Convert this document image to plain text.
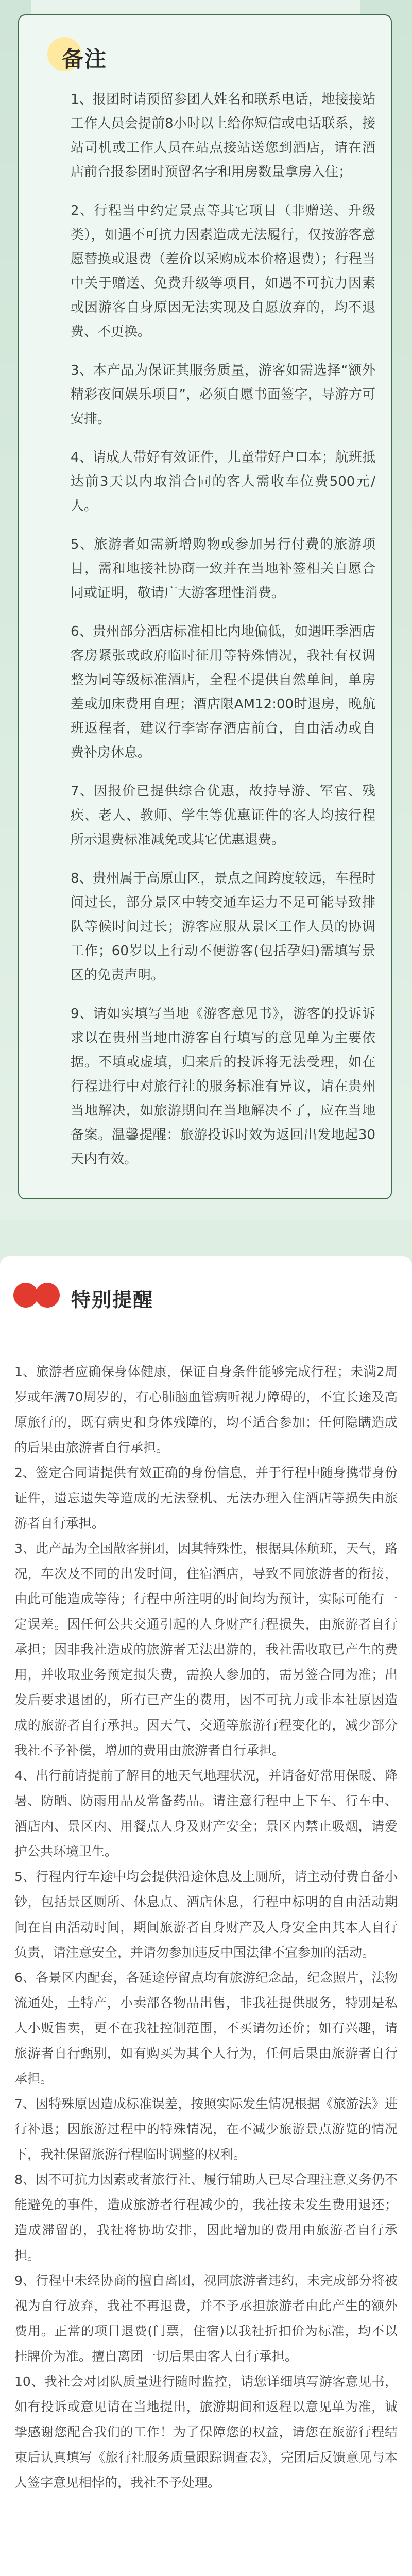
备注

1、报团时请预留参团人姓名和联系电话，地接接站工作人员会提前8小时以上给你短信或电话联系，接站司机或工作人员在站点接站送您到酒店，请在酒店前台报参团时预留名字和用房数量拿房入住；

2、行程当中约定景点等其它项目（非赠送、升级类），如遇不可抗力因素造成无法履行，仅按游客意愿替换或退费（差价以采购成本价格退费）；行程当中关于赠送、免费升级等项目，如遇不可抗力因素或因游客自身原因无法实现及自愿放弃的，均不退费、不更换。

3、本产品为保证其服务质量，游客如需选择“额外精彩夜间娱乐项目”，必须自愿书面签字，导游方可安排。

4、请成人带好有效证件，儿童带好户口本；航班抵达前3天以内取消合同的客人需收车位费500元/人。

5、旅游者如需新增购物或参加另行付费的旅游项目，需和地接社协商一致并在当地补签相关自愿合同或证明，敬请广大游客理性消费。

6、贵州部分酒店标准相比内地偏低，如遇旺季酒店客房紧张或政府临时征用等特殊情况，我社有权调整为同等级标准酒店，全程不提供自然单间，单房差或加床费用自理；酒店限AM12:00时退房，晚航班返程者，建议行李寄存酒店前台，自由活动或自费补房休息。

7、因报价已提供综合优惠，故持导游、军官、残疾、老人、教师、学生等优惠证件的客人均按行程所示退费标准减免或其它优惠退费。

8、贵州属于高原山区，景点之间跨度较远，车程时间过长，部分景区中转交通车运力不足可能导致排队等候时间过长；游客应服从景区工作人员的协调工作；60岁以上行动不便游客(包括孕妇)需填写景区的免责声明。

9、请如实填写当地《游客意见书》，游客的投诉诉求以在贵州当地由游客自行填写的意见单为主要依据。不填或虚填，归来后的投诉将无法受理，如在行程进行中对旅行社的服务标准有异议，请在贵州当地解决，如旅游期间在当地解决不了，应在当地备案。温馨提醒：旅游投诉时效为返回出发地起30天内有效。

特别提醒

1、旅游者应确保身体健康，保证自身条件能够完成行程；未满2周岁或年满70周岁的，有心肺脑血管病听视力障碍的，不宜长途及高原旅行的，既有病史和身体残障的，均不适合参加；任何隐瞒造成的后果由旅游者自行承担。

2、签定合同请提供有效正确的身份信息，并于行程中随身携带身份证件，遗忘遗失等造成的无法登机、无法办理入住酒店等损失由旅游者自行承担。

3、此产品为全国散客拼团，因其特殊性，根据具体航班，天气，路况，车次及不同的出发时间，住宿酒店，导致不同旅游者的衔接，由此可能造成等待；行程中所注明的时间均为预计，实际可能有一定误差。因任何公共交通引起的人身财产行程损失，由旅游者自行承担；因非我社造成的旅游者无法出游的，我社需收取已产生的费用，并收取业务预定损失费，需换人参加的，需另签合同为准；出发后要求退团的，所有已产生的费用，因不可抗力或非本社原因造成的旅游者自行承担。因天气、交通等旅游行程变化的，减少部分我社不予补偿，增加的费用由旅游者自行承担。

4、出行前请提前了解目的地天气地理状况，并请备好常用保暖、降暑、防晒、防雨用品及常备药品。请注意行程中上下车、行车中、酒店内、景区内、用餐点人身及财产安全；景区内禁止吸烟，请爱护公共环境卫生。

5、行程内行车途中均会提供沿途休息及上厕所，请主动付费自备小钞，包括景区厕所、休息点、酒店休息，行程中标明的自由活动期间在自由活动时间，期间旅游者自身财产及人身安全由其本人自行负责，请注意安全，并请勿参加违反中国法律不宜参加的活动。

6、各景区内配套，各延途停留点均有旅游纪念品，纪念照片，法物流通处，土特产，小卖部各物品出售，非我社提供服务，特别是私人小贩售卖，更不在我社控制范围，不买请勿还价；如有兴趣，请旅游者自行甄别，如有购买为其个人行为，任何后果由旅游者自行承担。

7、因特殊原因造成标准误差，按照实际发生情况根据《旅游法》进行补退；因旅游过程中的特殊情况，在不减少旅游景点游览的情况下，我社保留旅游行程临时调整的权利。

8、因不可抗力因素或者旅行社、履行辅助人已尽合理注意义务仍不能避免的事件，造成旅游者行程减少的，我社按未发生费用退还；造成滞留的，我社将协助安排，因此增加的费用由旅游者自行承担。

9、行程中未经协商的擅自离团，视同旅游者违约，未完成部分将被视为自行放弃，我社不再退费，并不予承担旅游者由此产生的额外费用。正常的项目退费(门票，住宿)以我社折扣价为标准，均不以挂牌价为准。擅自离团一切后果由客人自行承担。

10、我社会对团队质量进行随时监控，请您详细填写游客意见书，如有投诉或意见请在当地提出，旅游期间和返程以意见单为准，诚挚感谢您配合我们的工作！为了保障您的权益，请您在旅游行程结束后认真填写《旅行社服务质量跟踪调查表》，完团后反馈意见与本人签字意见相悖的，我社不予处理。
